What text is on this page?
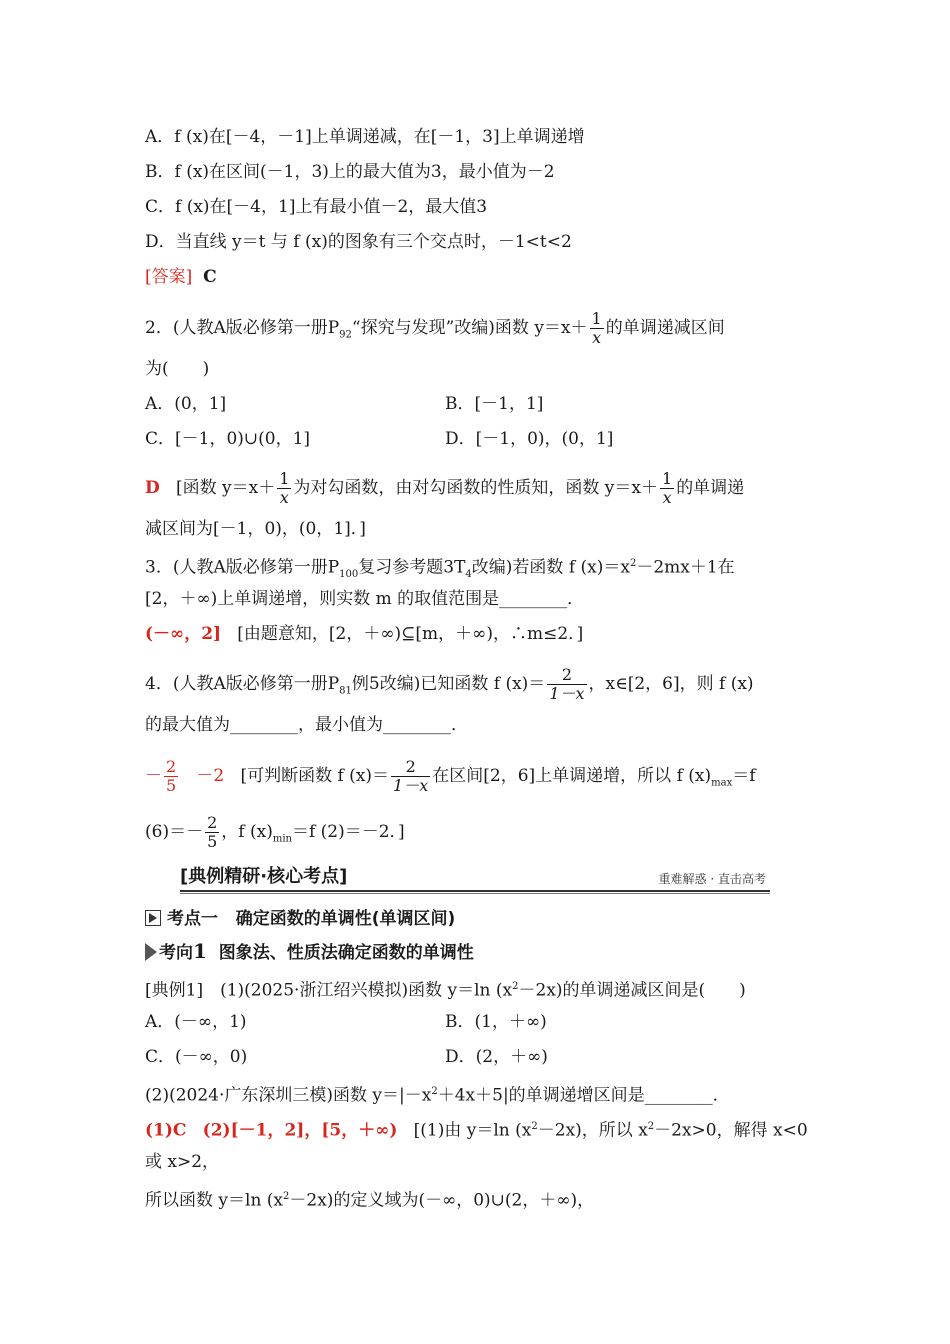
A．f (x)在[－4，－1]上单调递减，在[－1，3]上单调递增
B．f (x)在区间(－1，3)上的最大值为3，最小值为－2
C．f (x)在[－4，1]上有最小值－2，最大值3
D．当直线 y＝t 与 f (x)的图象有三个交点时，－1<t<2
[答案] C
2．(人教A版必修第一册$P_{92}“$探究与发现”改编)函数 $y=x+ \frac{1}{x}$ 的单调递减区间
为(　　)
A．(0，1]	B．[－1，1]
C．[－1，0)∪(0，1]	D．[－1，0)，(0，1]
D [函数 $y=x+ \frac{1}{x}$ 为对勾函数，由对勾函数的性质知，函数 $y=x+ \frac{1}{x}$ 的单调递
减区间为[－1，0)，(0，1]．]
3．(人教A版必修第一册$P_{100}$复习参考题$3T_4$改编)若函数 f $(x)=x^2-2mx+1$在
[2，＋∞)上单调递增，则实数 m 的取值范围是________．
(－∞，2] [由题意知，[2，＋∞)⊆[m，＋∞)，∴m≤2．]
4．(人教A版必修第一册$P_{81}$例5改编)已知函数 f $(x)= \frac{2}{1-x}$ ，x∈[2，6]，则 f (x)
的最大值为________，最小值为________．
－ $\frac{2}{5} -2$ [可判断函数 f $(x)= \frac{2}{1-x}$ 在区间[2，6]上单调递增，所以 f $(x)_{max}=f$
$(6)=- \frac{2}{5}$ ，f $(x)_{min}=f$ (2)＝－2．]
[典例精研·核心考点]	重难解惑 · 直击高考
考点一 确定函数的单调性(单调区间)
考向1 图象法、性质法确定函数的单调性
[典例1]　(1)(2025·浙江绍兴模拟)函数 y＝ln $(x^2-2x)$的单调递减区间是(　　)
A．(－∞，1)	B．(1，＋∞)
C．(－∞，0)	D．(2，＋∞)
(2)(2024·广东深圳三模)函数 $y=|-x^2+4x+5|$的单调递增区间是________．
(1)C (2)[－1，2]，[5，＋∞) [(1)由 y＝ln $(x^2-2x)$，所以 $x^2-2x>0$，解得 x<0
或 x>2，
所以函数 y＝ln $(x^2-2x)$的定义域为(－∞，0)∪(2，＋∞)，
